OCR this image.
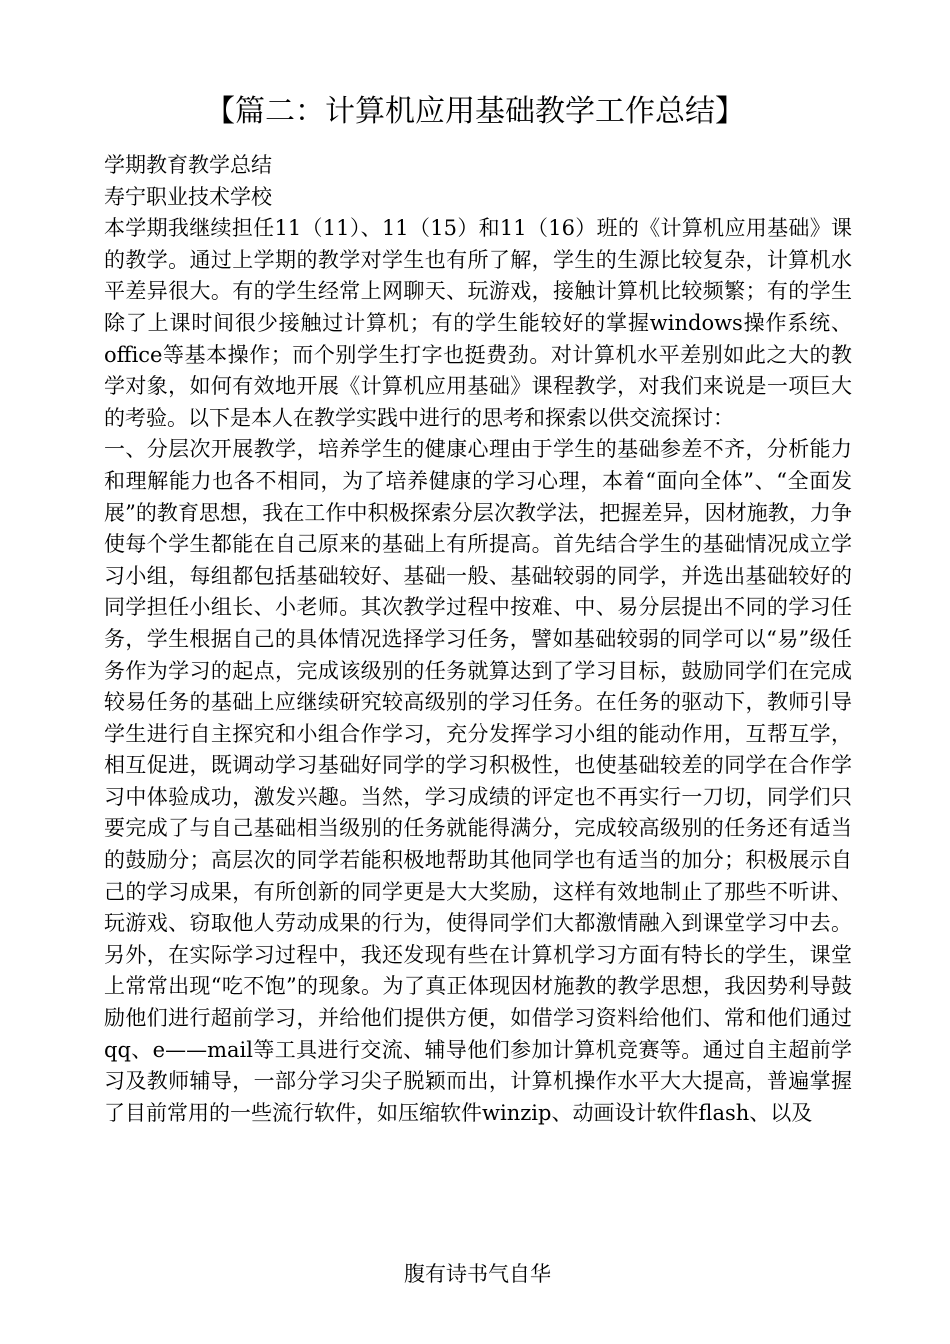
【篇二：计算机应用基础教学工作总结】

学期教育教学总结

寿宁职业技术学校

本学期我继续担任11（11）、11（15）和11（16）班的《计算机应用基础》课的教学。通过上学期的教学对学生也有所了解，学生的生源比较复杂，计算机水平差异很大。有的学生经常上网聊天、玩游戏，接触计算机比较频繁；有的学生除了上课时间很少接触过计算机；有的学生能较好的掌握windows操作系统、office等基本操作；而个别学生打字也挺费劲。对计算机水平差别如此之大的教学对象，如何有效地开展《计算机应用基础》课程教学，对我们来说是一项巨大的考验。以下是本人在教学实践中进行的思考和探索以供交流探讨：

一、分层次开展教学，培养学生的健康心理由于学生的基础参差不齐，分析能力和理解能力也各不相同，为了培养健康的学习心理，本着“面向全体”、“全面发展”的教育思想，我在工作中积极探索分层次教学法，把握差异，因材施教，力争使每个学生都能在自己原来的基础上有所提高。首先结合学生的基础情况成立学习小组，每组都包括基础较好、基础一般、基础较弱的同学，并选出基础较好的同学担任小组长、小老师。其次教学过程中按难、中、易分层提出不同的学习任务，学生根据自己的具体情况选择学习任务，譬如基础较弱的同学可以“易”级任务作为学习的起点，完成该级别的任务就算达到了学习目标，鼓励同学们在完成较易任务的基础上应继续研究较高级别的学习任务。在任务的驱动下，教师引导学生进行自主探究和小组合作学习，充分发挥学习小组的能动作用，互帮互学，相互促进，既调动学习基础好同学的学习积极性，也使基础较差的同学在合作学习中体验成功，激发兴趣。当然，学习成绩的评定也不再实行一刀切，同学们只要完成了与自己基础相当级别的任务就能得满分，完成较高级别的任务还有适当的鼓励分；高层次的同学若能积极地帮助其他同学也有适当的加分；积极展示自己的学习成果，有所创新的同学更是大大奖励，这样有效地制止了那些不听讲、玩游戏、窃取他人劳动成果的行为，使得同学们大都激情融入到课堂学习中去。另外，在实际学习过程中，我还发现有些在计算机学习方面有特长的学生，课堂上常常出现“吃不饱”的现象。为了真正体现因材施教的教学思想，我因势利导鼓励他们进行超前学习，并给他们提供方便，如借学习资料给他们、常和他们通过qq、e——mail等工具进行交流、辅导他们参加计算机竞赛等。通过自主超前学习及教师辅导，一部分学习尖子脱颖而出，计算机操作水平大大提高，普遍掌握了目前常用的一些流行软件，如压缩软件winzip、动画设计软件flash、以及

腹有诗书气自华
